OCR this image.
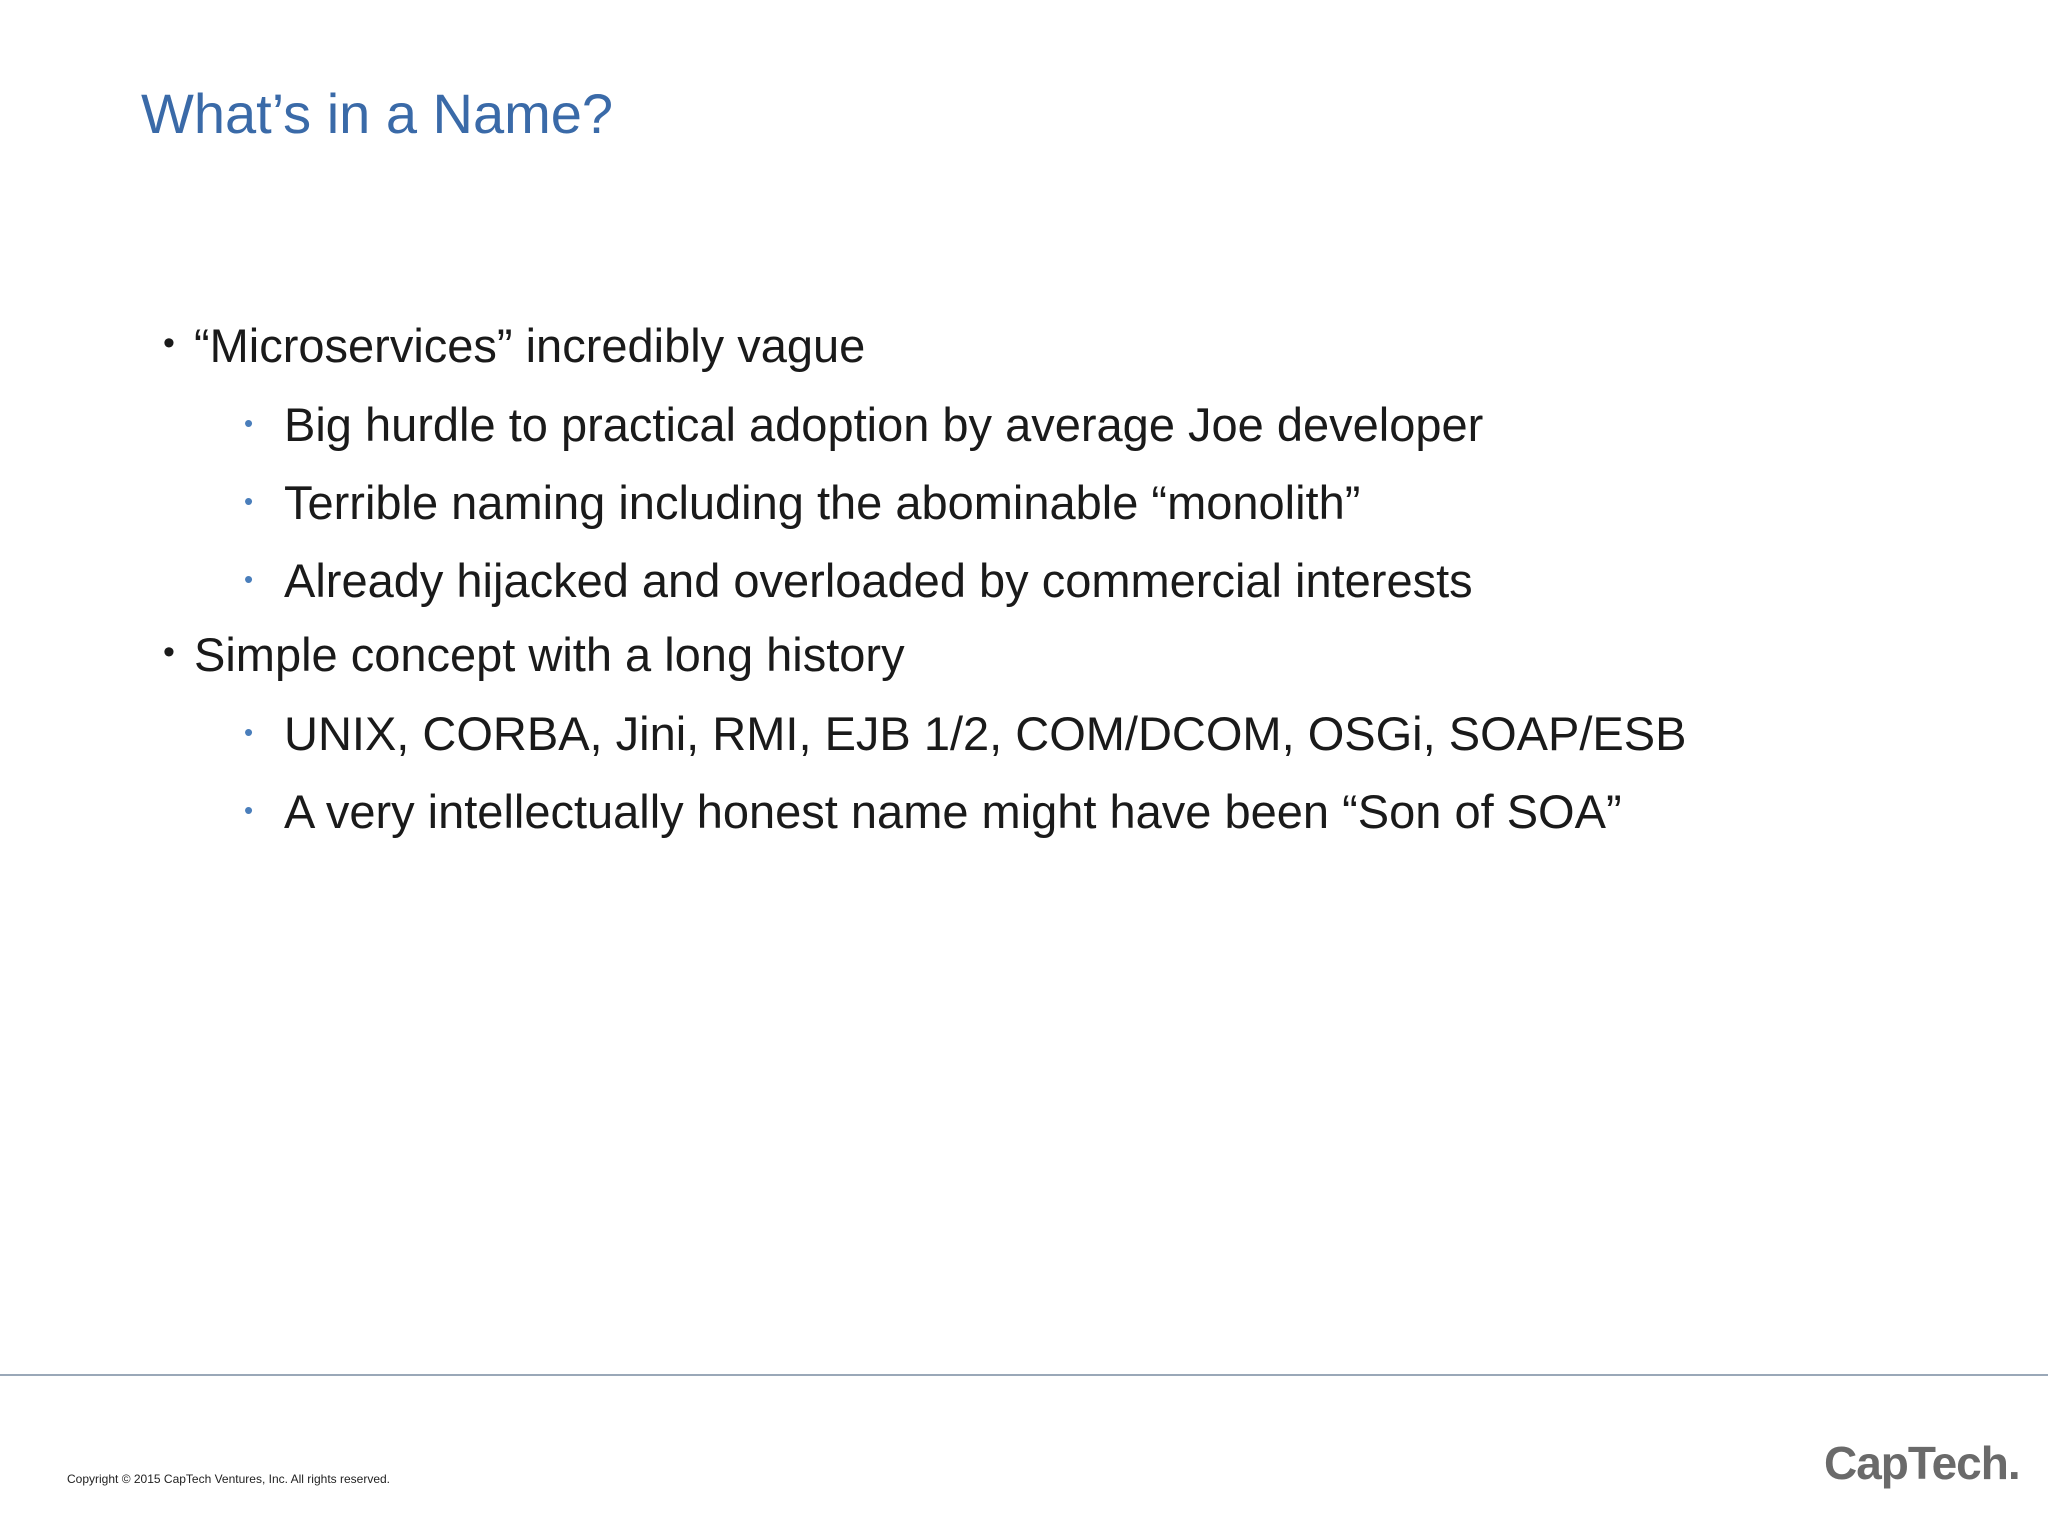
What’s in a Name?
• “Microservices” incredibly vague
• Big hurdle to practical adoption by average Joe developer
• Terrible naming including the abominable “monolith”
• Already hijacked and overloaded by commercial interests
• Simple concept with a long history
• UNIX, CORBA, Jini, RMI, EJB 1/2, COM/DCOM, OSGi, SOAP/ESB
• A very intellectually honest name might have been “Son of SOA”
Copyright © 2015 CapTech Ventures, Inc. All rights reserved.	CapTech.
